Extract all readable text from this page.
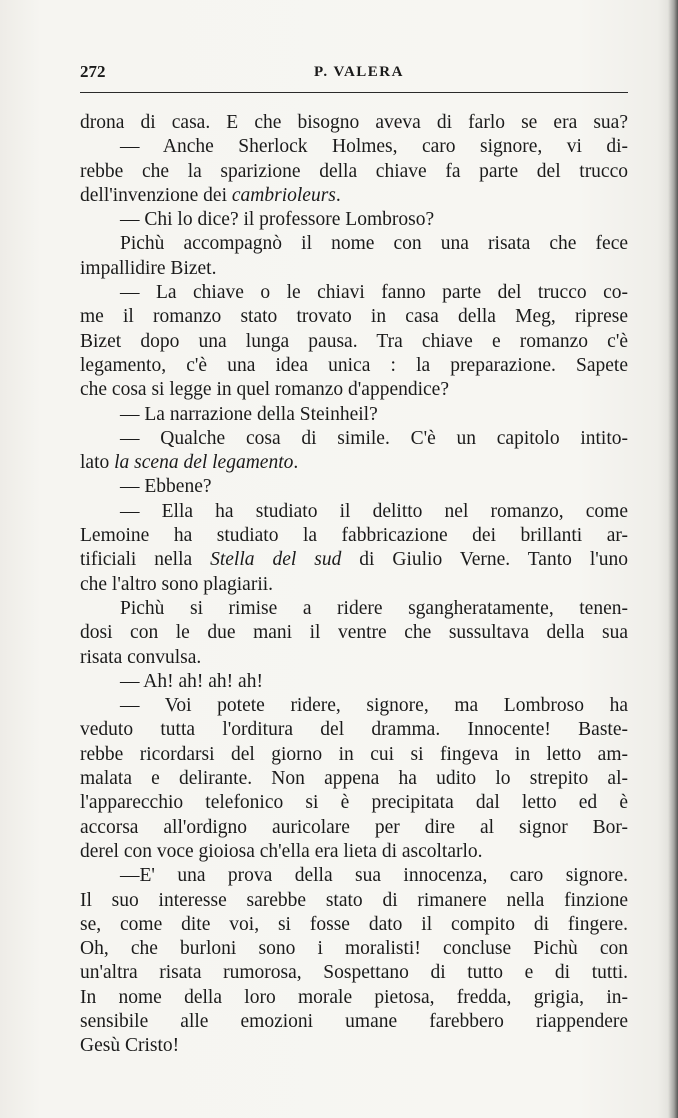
272	P. VALERA
drona di casa. E che bisogno aveva di farlo se era sua?
— Anche Sherlock Holmes, caro signore, vi di-
rebbe che la sparizione della chiave fa parte del trucco
dell'invenzione dei cambrioleurs.
— Chi lo dice? il professore Lombroso?
Pichù accompagnò il nome con una risata che fece
impallidire Bizet.
— La chiave o le chiavi fanno parte del trucco co-
me il romanzo stato trovato in casa della Meg, riprese
Bizet dopo una lunga pausa. Tra chiave e romanzo c'è
legamento, c'è una idea unica : la preparazione. Sapete
che cosa si legge in quel romanzo d'appendice?
— La narrazione della Steinheil?
— Qualche cosa di simile. C'è un capitolo intito-
lato la scena del legamento.
— Ebbene?
— Ella ha studiato il delitto nel romanzo, come
Lemoine ha studiato la fabbricazione dei brillanti ar-
tificiali nella Stella del sud di Giulio Verne. Tanto l'uno
che l'altro sono plagiarii.
Pichù si rimise a ridere sgangheratamente, tenen-
dosi con le due mani il ventre che sussultava della sua
risata convulsa.
— Ah! ah! ah! ah!
— Voi potete ridere, signore, ma Lombroso ha
veduto tutta l'orditura del dramma. Innocente! Baste-
rebbe ricordarsi del giorno in cui si fingeva in letto am-
malata e delirante. Non appena ha udito lo strepito al-
l'apparecchio telefonico si è precipitata dal letto ed è
accorsa all'ordigno auricolare per dire al signor Bor-
derel con voce gioiosa ch'ella era lieta di ascoltarlo.
—E' una prova della sua innocenza, caro signore.
Il suo interesse sarebbe stato di rimanere nella finzione
se, come dite voi, si fosse dato il compito di fingere.
Oh, che burloni sono i moralisti! concluse Pichù con
un'altra risata rumorosa, Sospettano di tutto e di tutti.
In nome della loro morale pietosa, fredda, grigia, in-
sensibile alle emozioni umane farebbero riappendere
Gesù Cristo!
